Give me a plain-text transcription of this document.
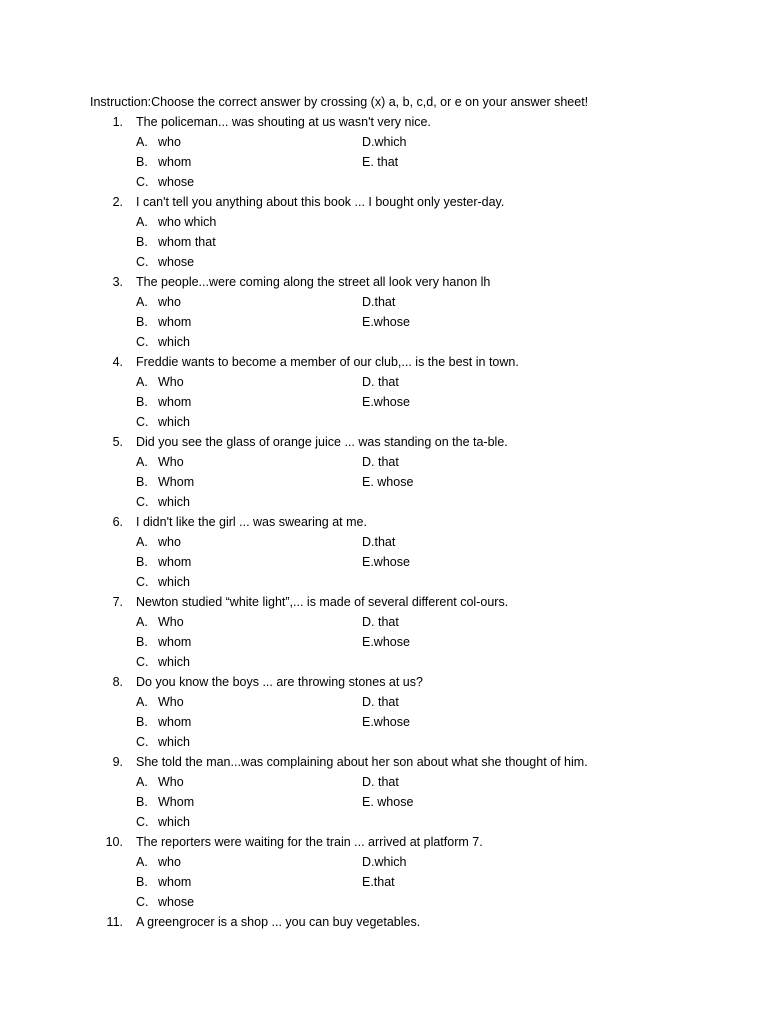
Instruction:Choose the correct answer by crossing (x) a, b, c,d, or e on your answer sheet!
1. The policeman... was shouting at us wasn't very nice.
A. who	D.which
B. whom	E. that
C. whose
2. I can't tell you anything about this book ... I bought only yester-day.
A. who which
B. whom that
C. whose
3. The people...were coming along the street all look very hanon lh
A. who	D.that
B. whom	E.whose
C. which
4. Freddie wants to become a member of our club,... is the best in town.
A. Who	D. that
B. whom	E.whose
C. which
5. Did you see the glass of orange juice ... was standing on the ta-ble.
A. Who	D. that
B. Whom	E. whose
C. which
6. I didn't like the girl ... was swearing at me.
A. who	D.that
B. whom	E.whose
C. which
7. Newton studied “white light”,... is made of several different col-ours.
A. Who	D. that
B. whom	E.whose
C. which
8. Do you know the boys ... are throwing stones at us?
A. Who	D. that
B. whom	E.whose
C. which
9. She told the man...was complaining about her son about what she thought of him.
A. Who	D. that
B. Whom	E. whose
C. which
10. The reporters were waiting for the train ... arrived at platform 7.
A. who	D.which
B. whom	E.that
C. whose
11. A greengrocer is a shop ... you can buy vegetables.
